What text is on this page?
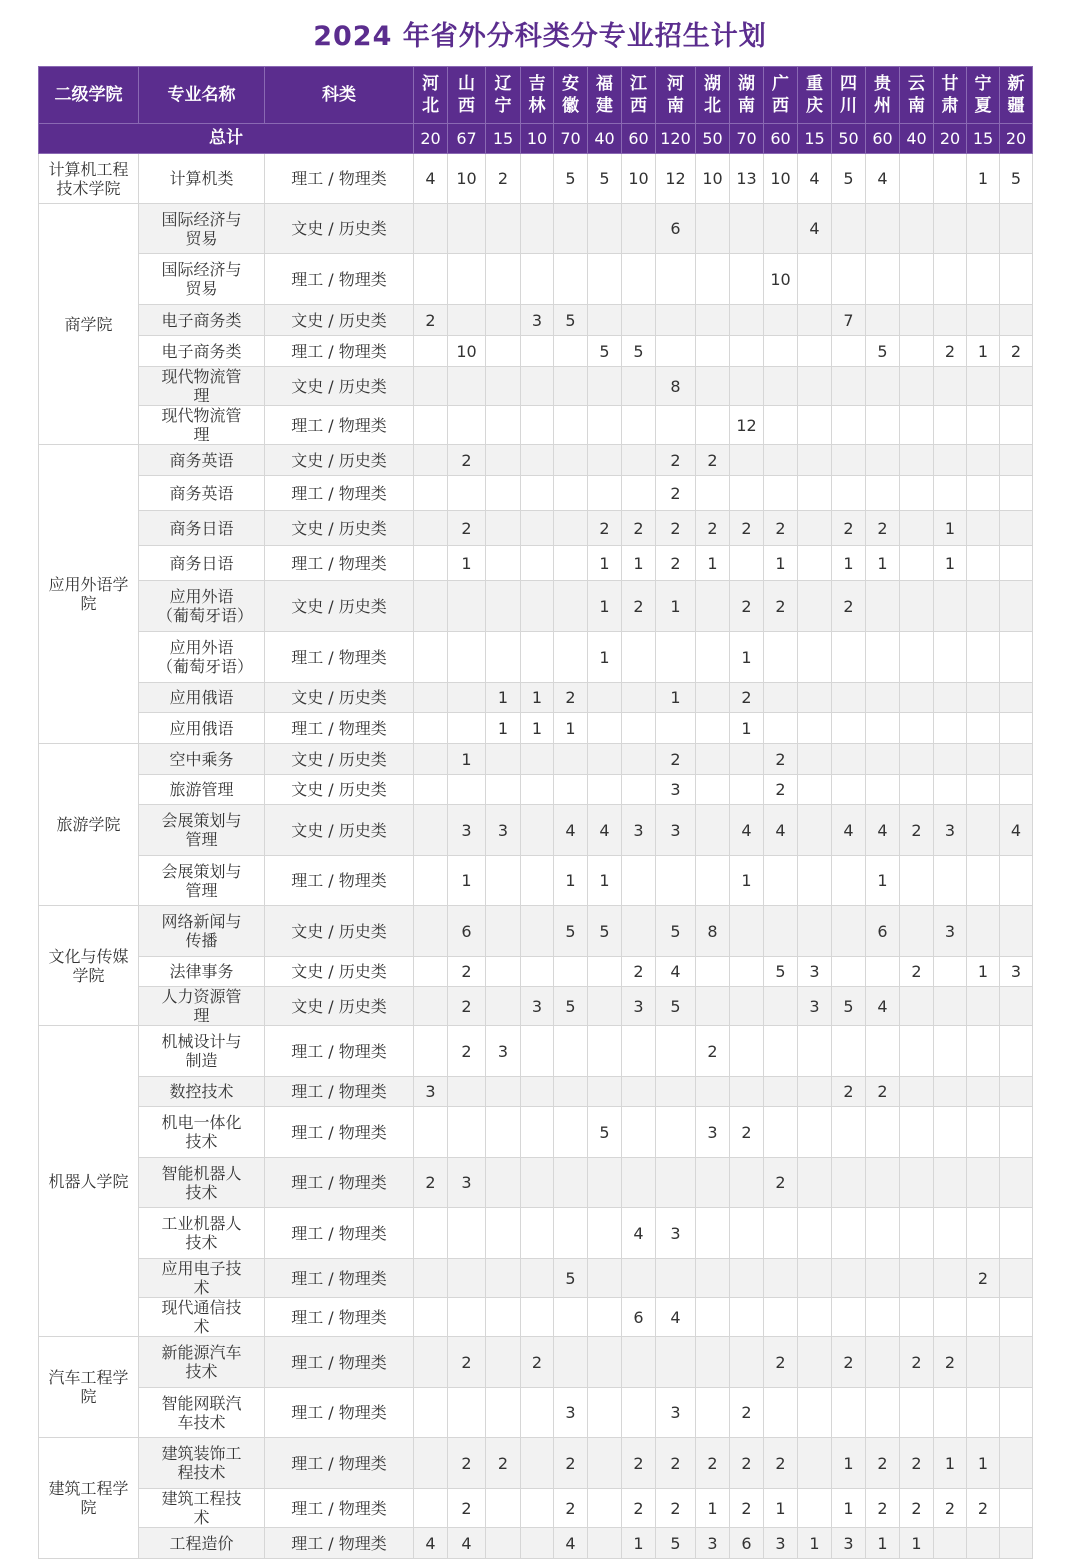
2024 年省外分科类分专业招生计划
二级学院	专业名称	科类	河北	山西	辽宁	吉林	安徽	福建	江西	河南	湖北	湖南	广西	重庆	四川	贵州	云南	甘肃	宁夏	新疆
总计			20	67	15	10	70	40	60	120	50	70	60	15	50	60	40	20	15	20
计算机工程技术学院	计算机类	理工 / 物理类	4	10	2		5	5	10	12	10	13	10	4	5	4			1	5
商学院	国际经济与贸易	文史 / 历史类								6				4						
	国际经济与贸易	理工 / 物理类											10							
	电子商务类	文史 / 历史类	2			3	5								7					
	电子商务类	理工 / 物理类		10				5	5							5		2	1	2
	现代物流管理	文史 / 历史类								8										
	现代物流管理	理工 / 物理类										12								
应用外语学院	商务英语	文史 / 历史类		2						2	2									
	商务英语	理工 / 物理类								2										
	商务日语	文史 / 历史类		2				2	2	2	2	2	2		2	2		1		
	商务日语	理工 / 物理类		1				1	1	2	1		1		1	1		1		
	应用外语（葡萄牙语）	文史 / 历史类						1	2	1		2	2		2					
	应用外语（葡萄牙语）	理工 / 物理类						1				1								
	应用俄语	文史 / 历史类			1	1	2			1		2								
	应用俄语	理工 / 物理类			1	1	1					1								
旅游学院	空中乘务	文史 / 历史类		1						2			2							
	旅游管理	文史 / 历史类								3			2							
	会展策划与管理	文史 / 历史类		3	3		4	4	3	3		4	4		4	4	2	3		4
	会展策划与管理	理工 / 物理类		1			1	1				1				1				
文化与传媒学院	网络新闻与传播	文史 / 历史类		6			5	5		5	8					6		3		
	法律事务	文史 / 历史类		2					2	4			5	3			2		1	3
	人力资源管理	文史 / 历史类		2		3	5		3	5				3	5	4				
机器人学院	机械设计与制造	理工 / 物理类		2	3						2									
	数控技术	理工 / 物理类	3												2	2				
	机电一体化技术	理工 / 物理类						5			3	2								
	智能机器人技术	理工 / 物理类	2	3									2							
	工业机器人技术	理工 / 物理类							4	3										
	应用电子技术	理工 / 物理类					5												2	
	现代通信技术	理工 / 物理类							6	4										
汽车工程学院	新能源汽车技术	理工 / 物理类		2		2							2		2		2	2		
	智能网联汽车技术	理工 / 物理类					3			3		2								
建筑工程学院	建筑装饰工程技术	理工 / 物理类		2	2		2		2	2	2	2	2		1	2	2	1	1	
	建筑工程技术	理工 / 物理类		2			2		2	2	1	2	1		1	2	2	2	2	
	工程造价	理工 / 物理类	4	4			4		1	5	3	6	3	1	3	1	1			
